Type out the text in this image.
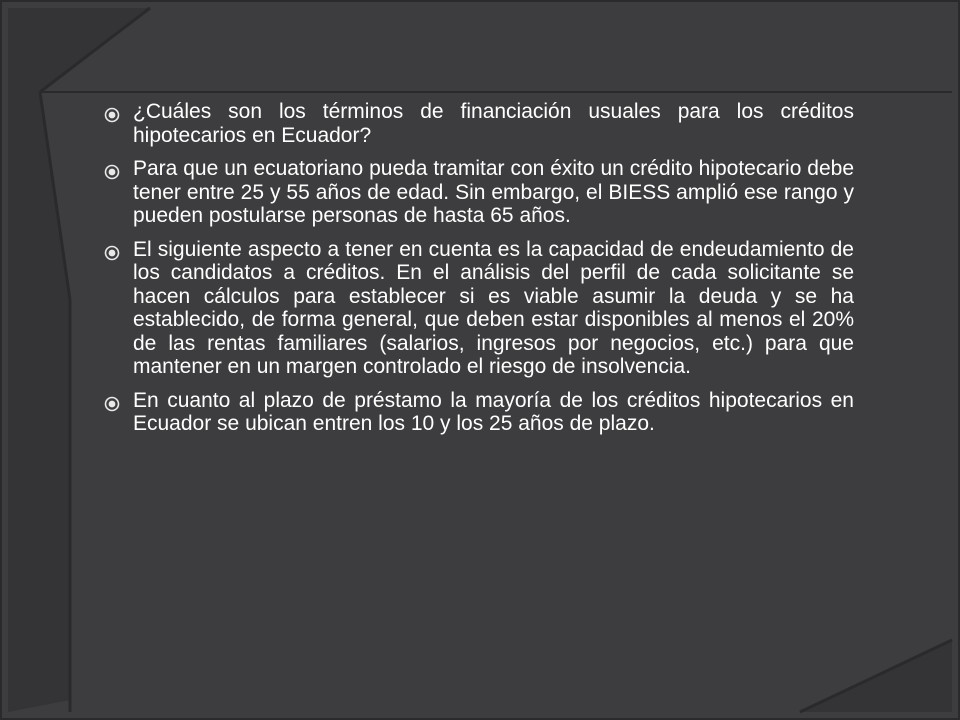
¿Cuáles son los términos de financiación usuales para los créditos hipotecarios en Ecuador?
Para que un ecuatoriano pueda tramitar con éxito un crédito hipotecario debe tener entre 25 y 55 años de edad. Sin embargo, el BIESS amplió ese rango y pueden postularse personas de hasta 65 años.
El siguiente aspecto a tener en cuenta es la capacidad de endeudamiento de los candidatos a créditos. En el análisis del perfil de cada solicitante se hacen cálculos para establecer si es viable asumir la deuda y se ha establecido, de forma general, que deben estar disponibles al menos el 20% de las rentas familiares (salarios, ingresos por negocios, etc.) para que mantener en un margen controlado el riesgo de insolvencia.
En cuanto al plazo de préstamo la mayoría de los créditos hipotecarios en Ecuador se ubican entren los 10 y los 25 años de plazo.
